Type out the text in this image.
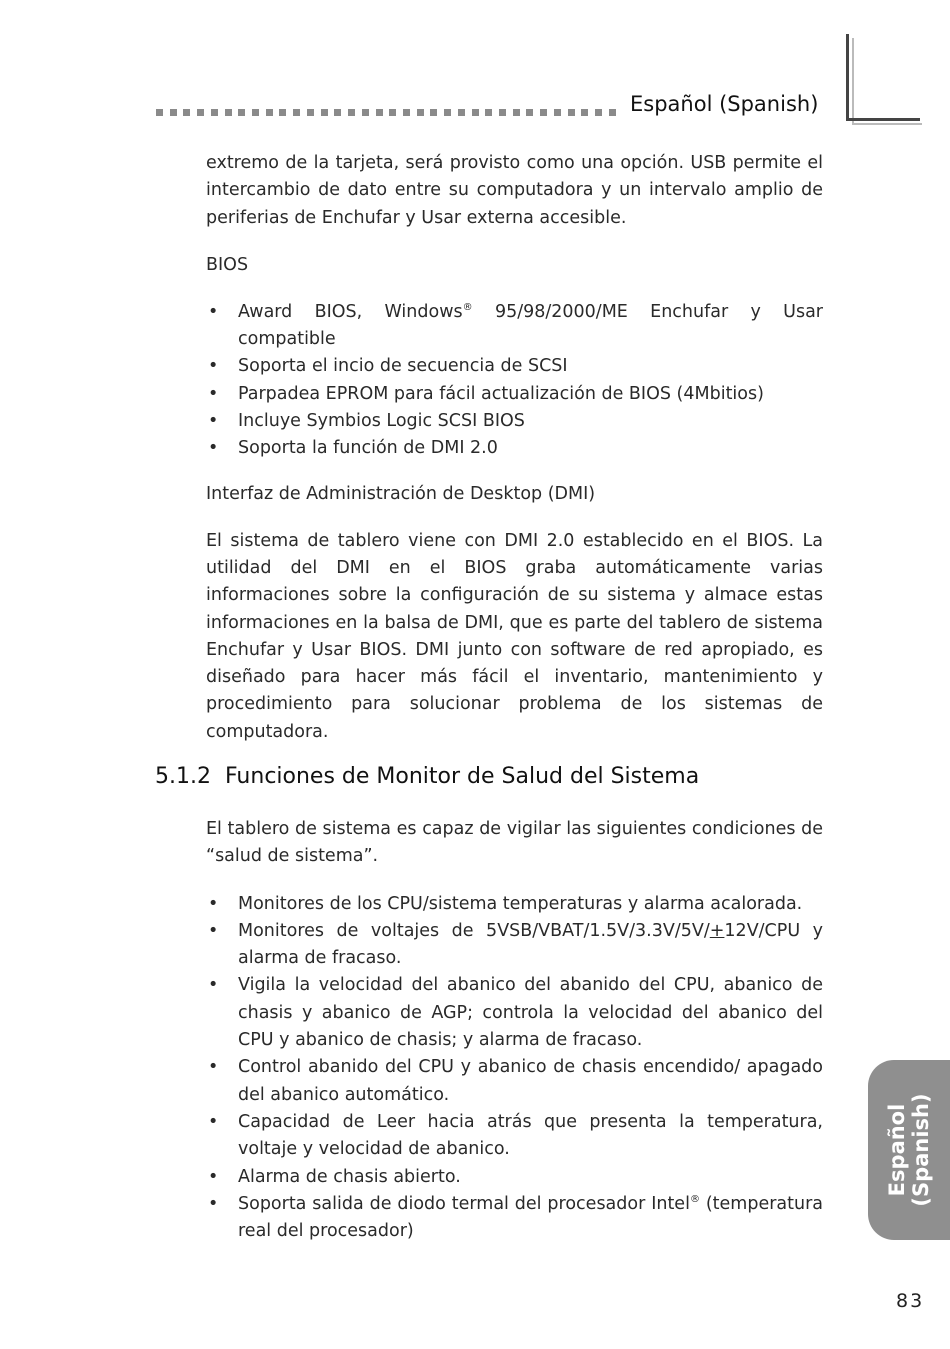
Español (Spanish)

extremo de la tarjeta, será provisto como una opción. USB permite el intercambio de dato entre su computadora y un intervalo amplio de periferias de Enchufar y Usar externa accesible.

BIOS

• Award BIOS, Windows® 95/98/2000/ME Enchufar y Usar compatible
• Soporta el incio de secuencia de SCSI
• Parpadea EPROM para fácil actualización de BIOS (4Mbitios)
• Incluye Symbios Logic SCSI BIOS
• Soporta la función de DMI 2.0

Interfaz de Administración de Desktop (DMI)

El sistema de tablero viene con DMI 2.0 establecido en el BIOS. La utilidad del DMI en el BIOS graba automáticamente varias informaciones sobre la configuración de su sistema y almace estas informaciones en la balsa de DMI, que es parte del tablero de sistema Enchufar y Usar BIOS. DMI junto con software de red apropiado, es diseñado para hacer más fácil el inventario, mantenimiento y procedimiento para solucionar problema de los sistemas de computadora.

5.1.2 Funciones de Monitor de Salud del Sistema

El tablero de sistema es capaz de vigilar las siguientes condiciones de “salud de sistema”.

• Monitores de los CPU/sistema temperaturas y alarma acalorada.
• Monitores de voltajes de 5VSB/VBAT/1.5V/3.3V/5V/+12V/CPU y alarma de fracaso.
• Vigila la velocidad del abanico del abanido del CPU, abanico de chasis y abanico de AGP; controla la velocidad del abanico del CPU y abanico de chasis; y alarma de fracaso.
• Control abanido del CPU y abanico de chasis encendido/ apagado del abanico automático.
• Capacidad de Leer hacia atrás que presenta la temperatura, voltaje y velocidad de abanico.
• Alarma de chasis abierto.
• Soporta salida de diodo termal del procesador Intel® (temperatura real del procesador)
Español (Spanish)
83
